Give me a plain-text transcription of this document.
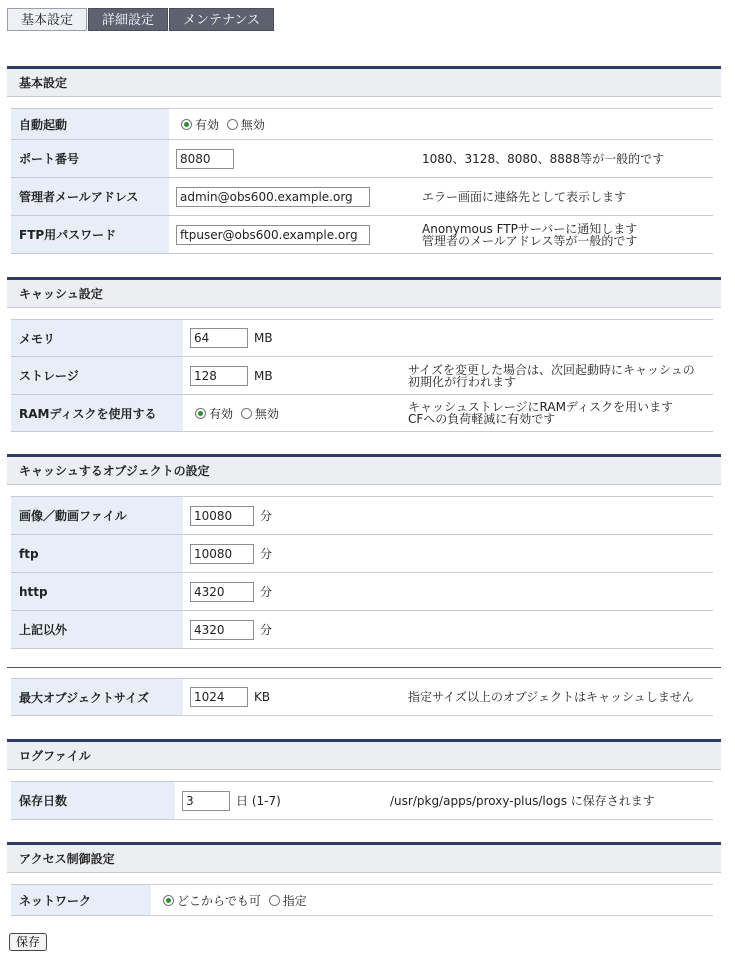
基本設定	詳細設定	メンテナンス
基本設定
自動起動	有効 無効	
ポート番号	8080	1080、3128、8080、8888等が一般的です
管理者メールアドレス	admin@obs600.example.org	エラー画面に連絡先として表示します
FTP用パスワード	ftpuser@obs600.example.org	Anonymous FTPサーバーに通知します
管理者のメールアドレス等が一般的です
キャッシュ設定
メモリ	64 MB	
ストレージ	128 MB	サイズを変更した場合は、次回起動時にキャッシュの
初期化が行われます

RAMディスクを使用する	有効 無効	キャッシュストレージにRAMディスクを用います
CFへの負荷軽減に有効です
キャッシュするオブジェクトの設定
画像／動画ファイル	10080 分
ftp	10080 分
http	4320 分
上記以外	4320 分
最大オブジェクトサイズ	1024 KB	指定サイズ以上のオブジェクトはキャッシュしません
ログファイル
保存日数	3	日 (1-7)	/usr/pkg/apps/proxy-plus/logs に保存されます
アクセス制御設定
ネットワーク	どこからでも可 指定
保存
